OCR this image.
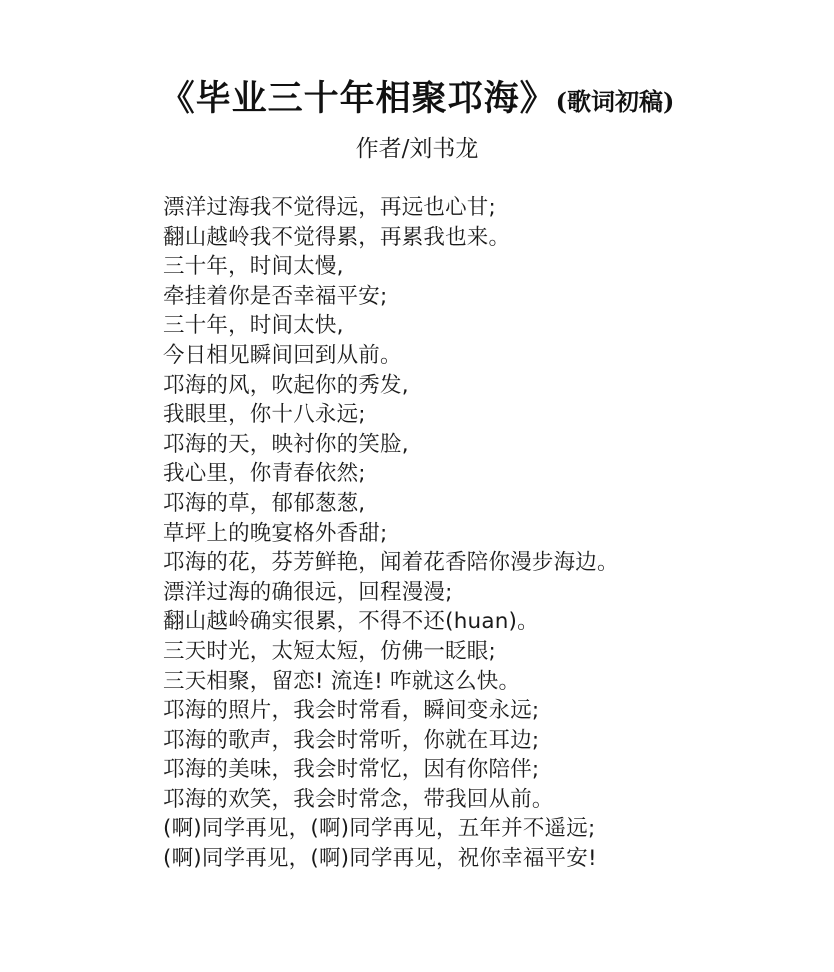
《毕业三十年相聚邛海》(歌词初稿)
作者/刘书龙
漂洋过海我不觉得远，再远也心甘;
翻山越岭我不觉得累，再累我也来。
三十年，时间太慢,
牵挂着你是否幸福平安;
三十年，时间太快,
今日相见瞬间回到从前。
邛海的风，吹起你的秀发,
我眼里，你十八永远;
邛海的天，映衬你的笑脸,
我心里，你青春依然;
邛海的草，郁郁葱葱,
草坪上的晚宴格外香甜;
邛海的花，芬芳鲜艳，闻着花香陪你漫步海边。
漂洋过海的确很远，回程漫漫;
翻山越岭确实很累，不得不还(huan)。
三天时光，太短太短，仿佛一眨眼;
三天相聚，留恋! 流连! 咋就这么快。
邛海的照片，我会时常看，瞬间变永远;
邛海的歌声，我会时常听，你就在耳边;
邛海的美味，我会时常忆，因有你陪伴;
邛海的欢笑，我会时常念，带我回从前。
(啊)同学再见，(啊)同学再见，五年并不遥远;
(啊)同学再见，(啊)同学再见，祝你幸福平安!
